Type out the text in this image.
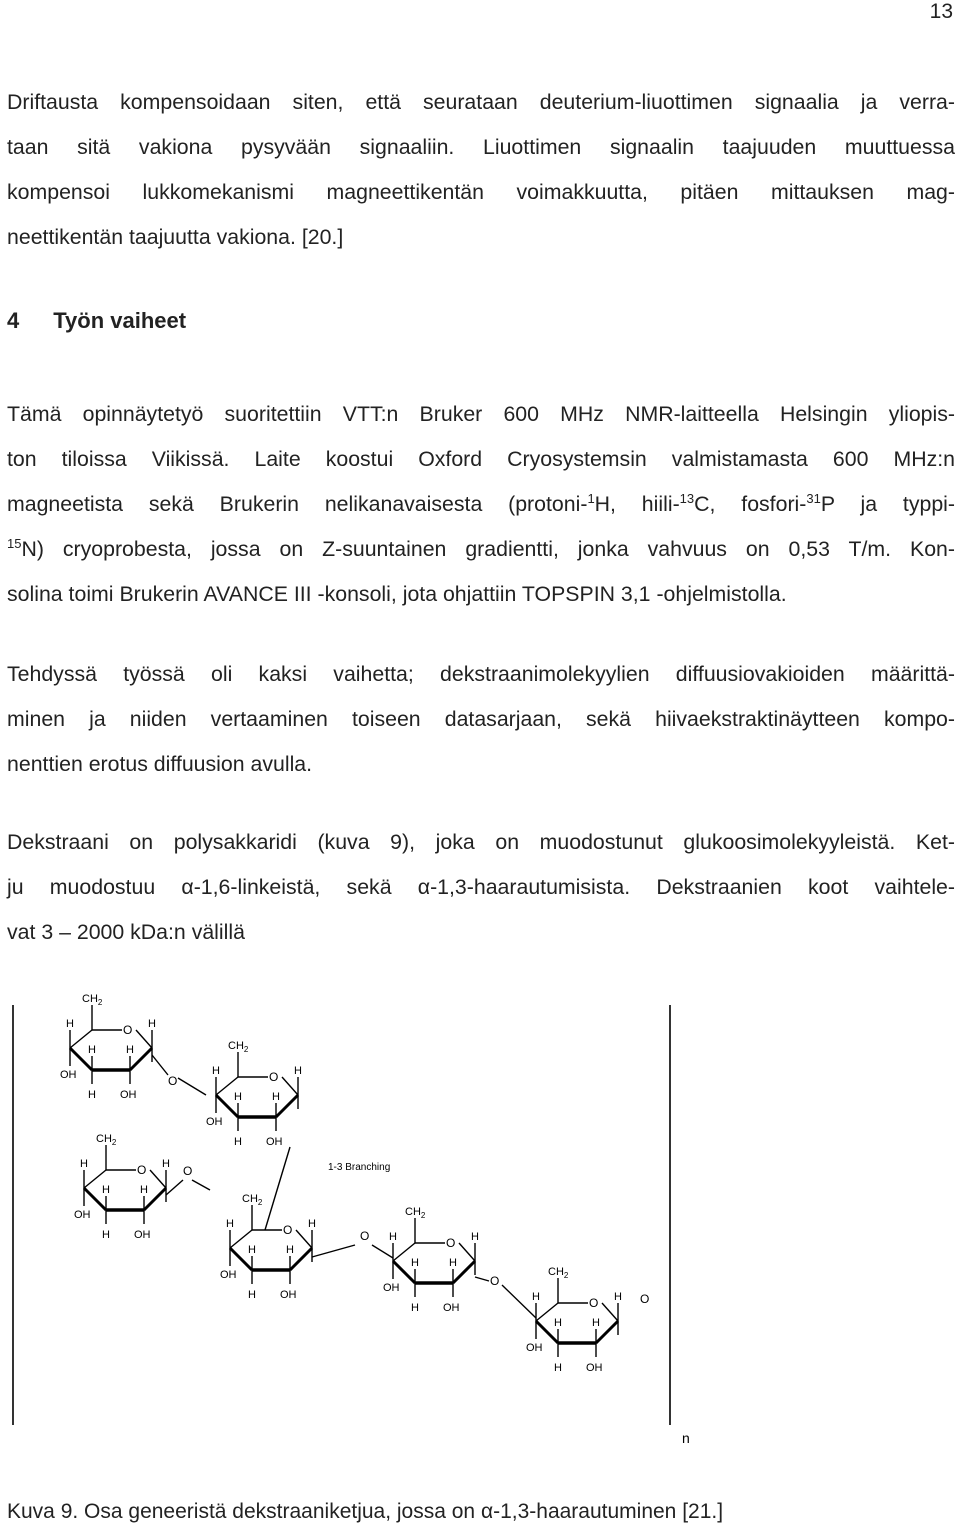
13
Driftausta kompensoidaan siten, että seurataan deuterium-liuottimen signaalia ja verra-
taan sitä vakiona pysyvään signaaliin. Liuottimen signaalin taajuuden muuttuessa
kompensoi lukkomekanismi magneettikentän voimakkuutta, pitäen mittauksen mag-
neettikentän taajuutta vakiona. [20.]
4 Työn vaiheet
Tämä opinnäytetyö suoritettiin VTT:n Bruker 600 MHz NMR-laitteella Helsingin yliopis-
ton tiloissa Viikissä. Laite koostui Oxford Cryosystemsin valmistamasta 600 MHz:n
magneetista sekä Brukerin nelikanavaisesta (protoni-$^1$H, hiili-$^{13}$C, fosfori-$^{31}$P ja typpi-
$^{15}$N) cryoprobesta, jossa on Z-suuntainen gradientti, jonka vahvuus on 0,53 T/m. Kon-
solina toimi Brukerin AVANCE III -konsoli, jota ohjattiin TOPSPIN 3,1 -ohjelmistolla.
Tehdyssä työssä oli kaksi vaihetta; dekstraanimolekyylien diffuusiovakioiden määrittä-
minen ja niiden vertaaminen toiseen datasarjaan, sekä hiivaekstraktinäytteen kompo-
nenttien erotus diffuusion avulla.
Dekstraani on polysakkaridi (kuva 9), joka on muodostunut glukoosimolekyyleistä. Ket-
ju muodostuu α-1,6-linkeistä, sekä α-1,3-haarautumisista. Dekstraanien koot vaihtele-
vat 3 – 2000 kDa:n välillä
n
O
$CH_2$
H
OH
H
H
H
OH
H
O
$CH_2$
H
OH
H
H
H
OH
H
O
$CH_2$
H
OH
H
H
H
OH
H
O
$CH_2$
H
OH
H
H
H
OH
H
O
$CH_2$
H
OH
H
H
H
OH
H
O
$CH_2$
H
OH
H
H
H
OH
H
O
O
O
O
O
1-3 Branching
Kuva 9. Osa geneeristä dekstraaniketjua, jossa on α-1,3-haarautuminen [21.]
